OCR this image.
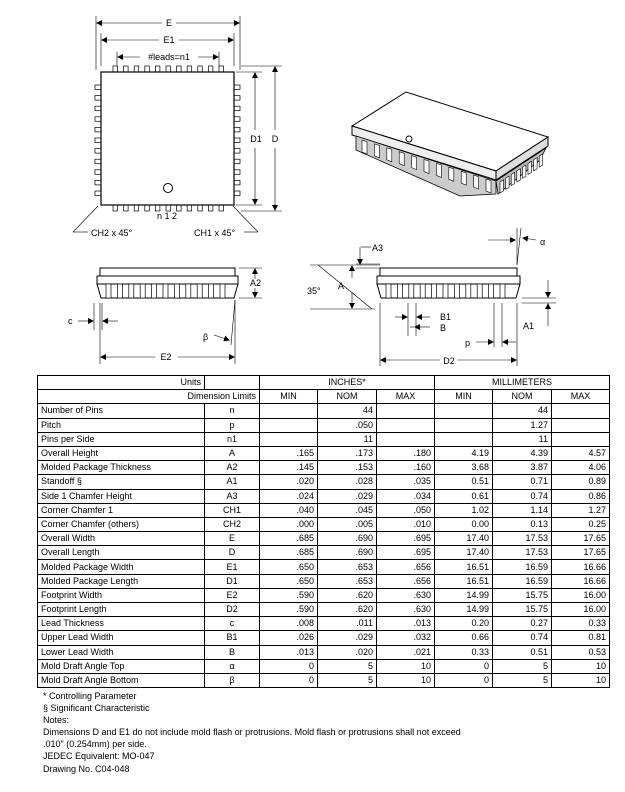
E
E1
#leads=n1
D1 D
n 1 2
CH2 x 45°	CH1 x 45°
A2
c
β
E2
A3
A
35°
B1
B
p
D2
α
A1
Units		INCHES*			MILLIMETERS		
Dimension Limits		MIN	NOM	MAX	MIN	NOM	MAX
Number of Pins	n		44			44	
Pitch	p		.050			1.27	
Pins per Side	n1		11			11	
Overall Height	A	.165	.173	.180	4.19	4.39	4.57
Molded Package Thickness	A2	.145	.153	.160	3.68	3.87	4.06
Standoff §	A1	.020	.028	.035	0.51	0.71	0.89
Side 1 Chamfer Height	A3	.024	.029	.034	0.61	0.74	0.86
Corner Chamfer 1	CH1	.040	.045	.050	1.02	1.14	1.27
Corner Chamfer (others)	CH2	.000	.005	.010	0.00	0.13	0.25
Overall Width	E	.685	.690	.695	17.40	17.53	17.65
Overall Length	D	.685	.690	.695	17.40	17.53	17.65
Molded Package Width	E1	.650	.653	.656	16.51	16.59	16.66
Molded Package Length	D1	.650	.653	.656	16.51	16.59	16.66
Footprint Width	E2	.590	.620	.630	14.99	15.75	16.00
Footprint Length	D2	.590	.620	.630	14.99	15.75	16.00
Lead Thickness	c	.008	.011	.013	0.20	0.27	0.33
Upper Lead Width	B1	.026	.029	.032	0.66	0.74	0.81
Lower Lead Width	B	.013	.020	.021	0.33	0.51	0.53
Mold Draft Angle Top	α	0	5	10	0	5	10
Mold Draft Angle Bottom	β	0	5	10	0	5	10
* Controlling Parameter
§ Significant Characteristic
Notes:
Dimensions D and E1 do not include mold flash or protrusions. Mold flash or protrusions shall not exceed
.010" (0.254mm) per side.
JEDEC Equivalent: MO-047
Drawing No. C04-048
